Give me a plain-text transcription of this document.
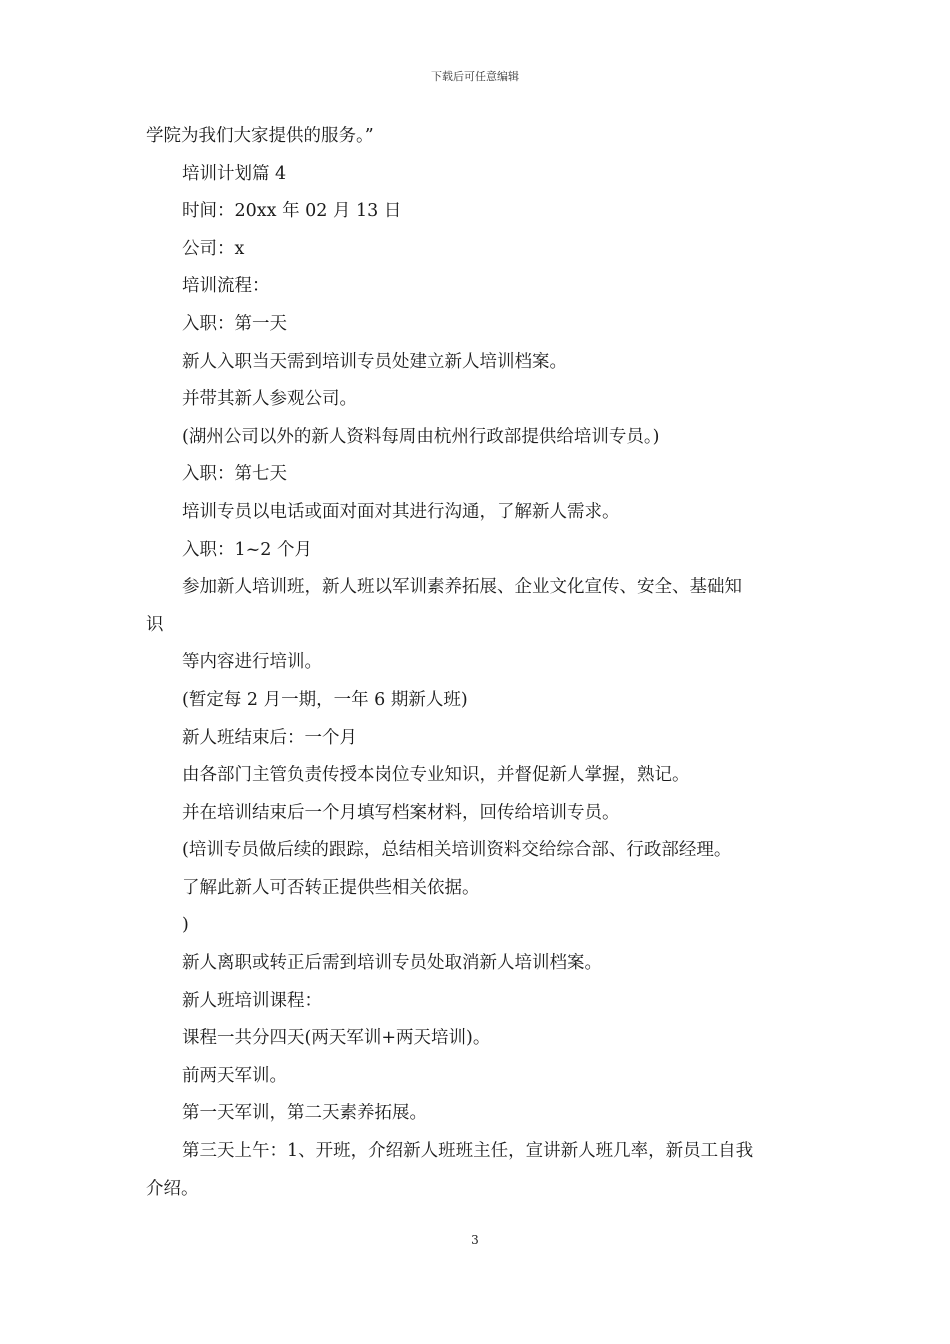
下载后可任意编辑
学院为我们大家提供的服务。”
培训计划篇 4
时间：20xx 年 02 月 13 日
公司：x
培训流程：
入职：第一天
新人入职当天需到培训专员处建立新人培训档案。
并带其新人参观公司。
(湖州公司以外的新人资料每周由杭州行政部提供给培训专员。)
入职：第七天
培训专员以电话或面对面对其进行沟通，了解新人需求。
入职：1~2 个月
参加新人培训班，新人班以军训素养拓展、企业文化宣传、安全、基础知
识
等内容进行培训。
(暂定每 2 月一期，一年 6 期新人班)
新人班结束后：一个月
由各部门主管负责传授本岗位专业知识，并督促新人掌握，熟记。
并在培训结束后一个月填写档案材料，回传给培训专员。
(培训专员做后续的跟踪，总结相关培训资料交给综合部、行政部经理。
了解此新人可否转正提供些相关依据。
)
新人离职或转正后需到培训专员处取消新人培训档案。
新人班培训课程：
课程一共分四天(两天军训+两天培训)。
前两天军训。
第一天军训，第二天素养拓展。
第三天上午：1、开班，介绍新人班班主任，宣讲新人班几率，新员工自我
介绍。
3
